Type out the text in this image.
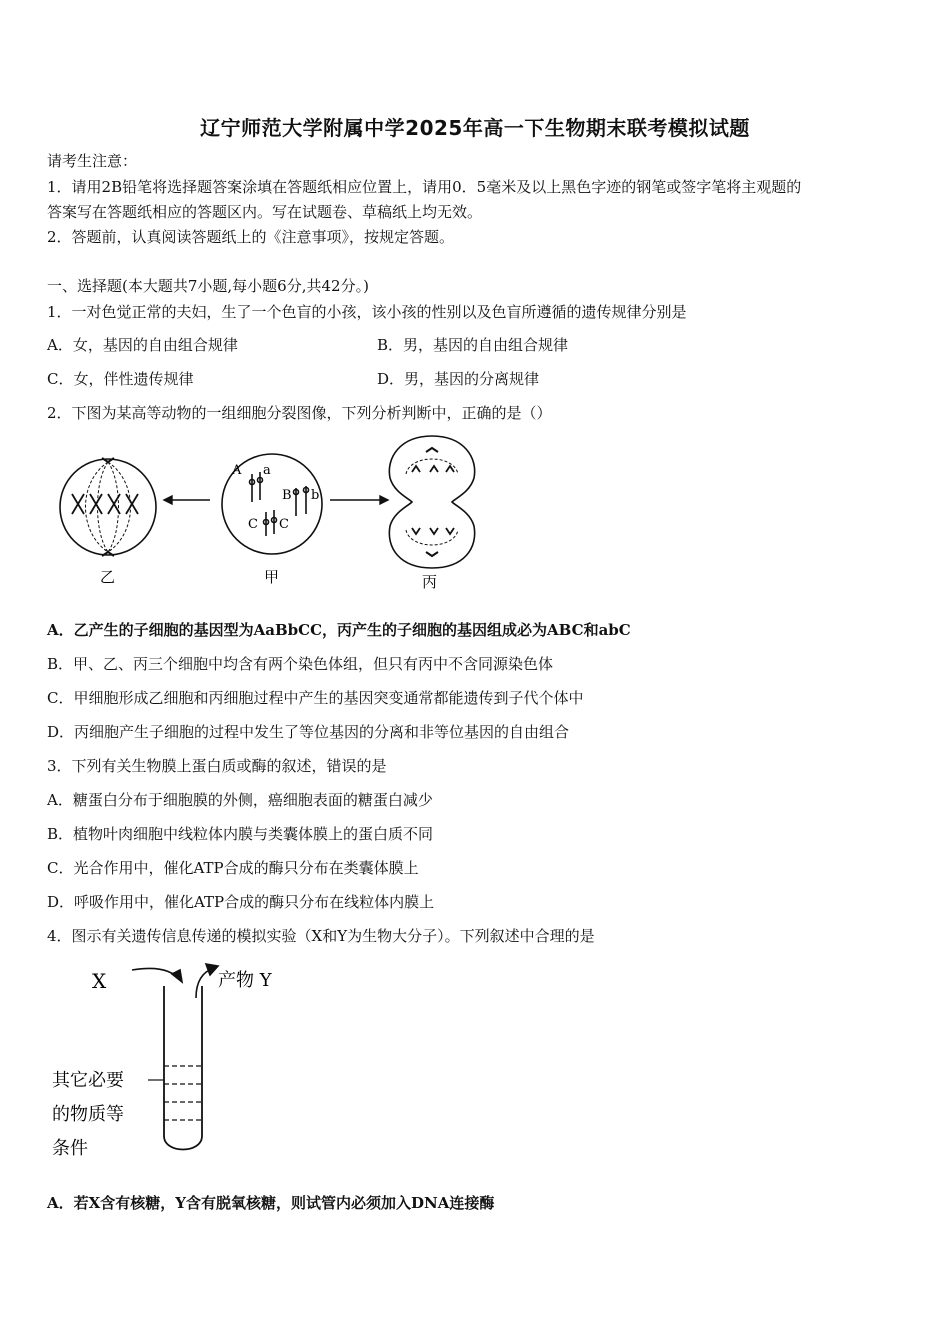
辽宁师范大学附属中学2025年高一下生物期末联考模拟试题
请考生注意：
1．请用2B铅笔将选择题答案涂填在答题纸相应位置上，请用0．5毫米及以上黑色字迹的钢笔或签字笔将主观题的
答案写在答题纸相应的答题区内。写在试题卷、草稿纸上均无效。
2．答题前，认真阅读答题纸上的《注意事项》，按规定答题。
一、选择题(本大题共7小题,每小题6分,共42分。)
1．一对色觉正常的夫妇，生了一个色盲的小孩，该小孩的性别以及色盲所遵循的遗传规律分别是
A．女，基因的自由组合规律	B．男，基因的自由组合规律
C．女，伴性遗传规律	D．男，基因的分离规律
2．下图为某高等动物的一组细胞分裂图像，下列分析判断中，正确的是（）
A a
B b
C C
乙	甲	丙
A．乙产生的子细胞的基因型为AaBbCC，丙产生的子细胞的基因组成必为ABC和abC
B．甲、乙、丙三个细胞中均含有两个染色体组，但只有丙中不含同源染色体
C．甲细胞形成乙细胞和丙细胞过程中产生的基因突变通常都能遗传到子代个体中
D．丙细胞产生子细胞的过程中发生了等位基因的分离和非等位基因的自由组合
3．下列有关生物膜上蛋白质或酶的叙述，错误的是
A．糖蛋白分布于细胞膜的外侧，癌细胞表面的糖蛋白减少
B．植物叶肉细胞中线粒体内膜与类囊体膜上的蛋白质不同
C．光合作用中，催化ATP合成的酶只分布在类囊体膜上
D．呼吸作用中，催化ATP合成的酶只分布在线粒体内膜上
4．图示有关遗传信息传递的模拟实验（X和Y为生物大分子）。下列叙述中合理的是
X	产物 Y
其它必要
的物质等
条件
A．若X含有核糖，Y含有脱氧核糖，则试管内必须加入DNA连接酶
